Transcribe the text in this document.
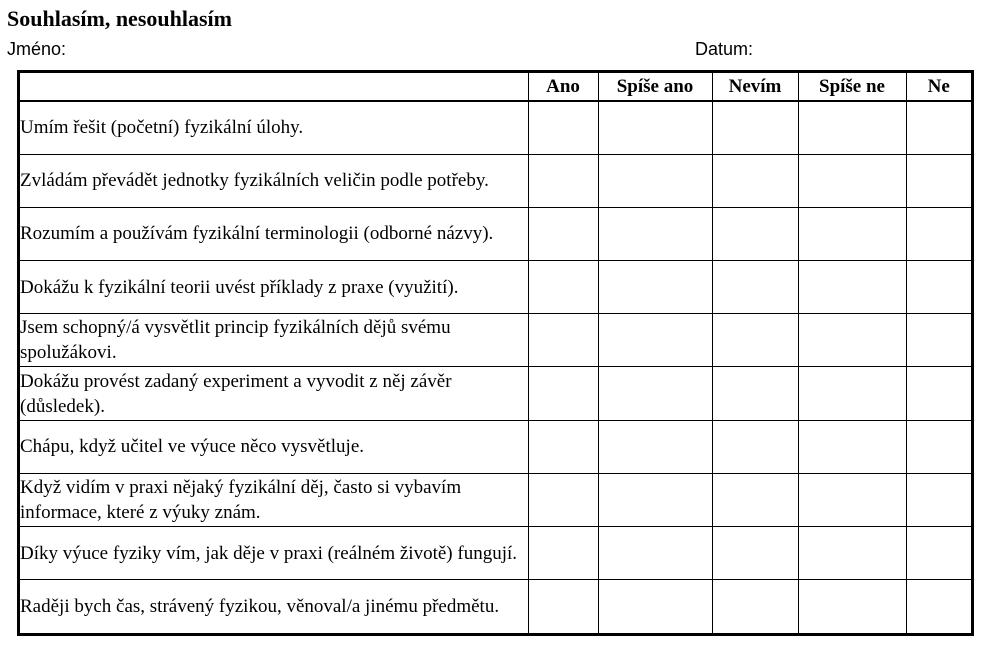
Souhlasím, nesouhlasím
Jméno:	Datum:
	Ano	Spíše ano	Nevím	Spíše ne	Ne
Umím řešit (početní) fyzikální úlohy.					
Zvládám převádět jednotky fyzikálních veličin podle potřeby.					
Rozumím a používám fyzikální terminologii (odborné názvy).					
Dokážu k fyzikální teorii uvést příklady z praxe (využití).					
Jsem schopný/á vysvětlit princip fyzikálních dějů svému spolužákovi.					
Dokážu provést zadaný experiment a vyvodit z něj závěr (důsledek).					
Chápu, když učitel ve výuce něco vysvětluje.					
Když vidím v praxi nějaký fyzikální děj, často si vybavím informace, které z výuky znám.					
Díky výuce fyziky vím, jak děje v praxi (reálném životě) fungují.					
Raději bych čas, strávený fyzikou, věnoval/a jinému předmětu.					
